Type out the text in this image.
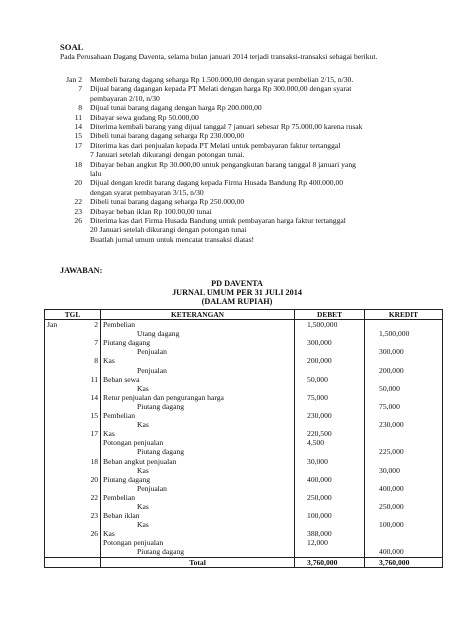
SOAL
Pada Perusahaan Dagang Daventa, selama bulan januari 2014 terjadi transaksi-transaksi sebagai berikut.
Jan 2 Membeli barang dagang seharga Rp 1.500.000,00 dengan syarat pembelian 2/15, n/30.
7 Dijual barang dagangan kepada PT Melati dengan harga Rp 300.000,00 dengan syarat
pembayaran 2/10, n/30
8 Dijual tunai barang dagang dengan harga Rp 200.000,00
11 Dibayar sewa gudang Rp 50.000,00
14 Diterima kembali barang yang dijual tanggal 7 januari sebesar Rp 75.000,00 karena rusak
15 Dibeli tunai barang dagang seharga Rp 230.000,00
17 Diterima kas dari penjualan kepada PT Melati untuk pembayaran faktur tertanggal
7 Januari setelah dikurangi dengan potongan tunai.
18 Dibayar beban angkut Rp 30.000,00 untuk pengangkutan barang tanggal 8 januari yang
lalu
20 Dijual dengan kredit barang dagang kepada Firma Husada Bandung Rp 400.000,00
dengan syarat pembayaran 3/15, n/30
22 Dibeli tunai barang dagang seharga Rp 250.000,00
23 Dibayar beban iklan Rp 100.00,00 tunai
26 Diterima kas dari Firma Husada Bandung untuk pembayaran harga faktur tertanggal
20 Januari setelah dikurangi dengan potongan tunai
Buatlah jurnal umum untuk mencatat transaksi diatas!
JAWABAN:
PD DAVENTA
JURNAL UMUM PER 31 JULI 2014
(DALAM RUPIAH)
TGL		KETERANGAN	DEBET	KREDIT
Jan	2	Pembelian	1,500,000	
		Utang dagang		1,500,000
	7	Piutang dagang	300,000	
		Penjualan		300,000
	8	Kas	200,000	
		Penjualan		200,000
	11	Beban sewa	50,000	
		Kas		50,000
	14	Retur penjualan dan pengurangan harga	75,000	
		Piutang dagang		75,000
	15	Pembelian	230,000	
		Kas		230,000
	17	Kas	220,500	
		Potongan penjualan	4,500	
		Piutang dagang		225,000
	18	Beban angkut penjualan	30,000	
		Kas		30,000
	20	Piutang dagang	400,000	
		Penjualan		400,000
	22	Pembelian	250,000	
		Kas		250,000
	23	Beban iklan	100,000	
		Kas		100,000
	26	Kas	388,000	
		Potongan penjualan	12,000	
		Piutang dagang		400,000
		Total	3,760,000	3,760,000
